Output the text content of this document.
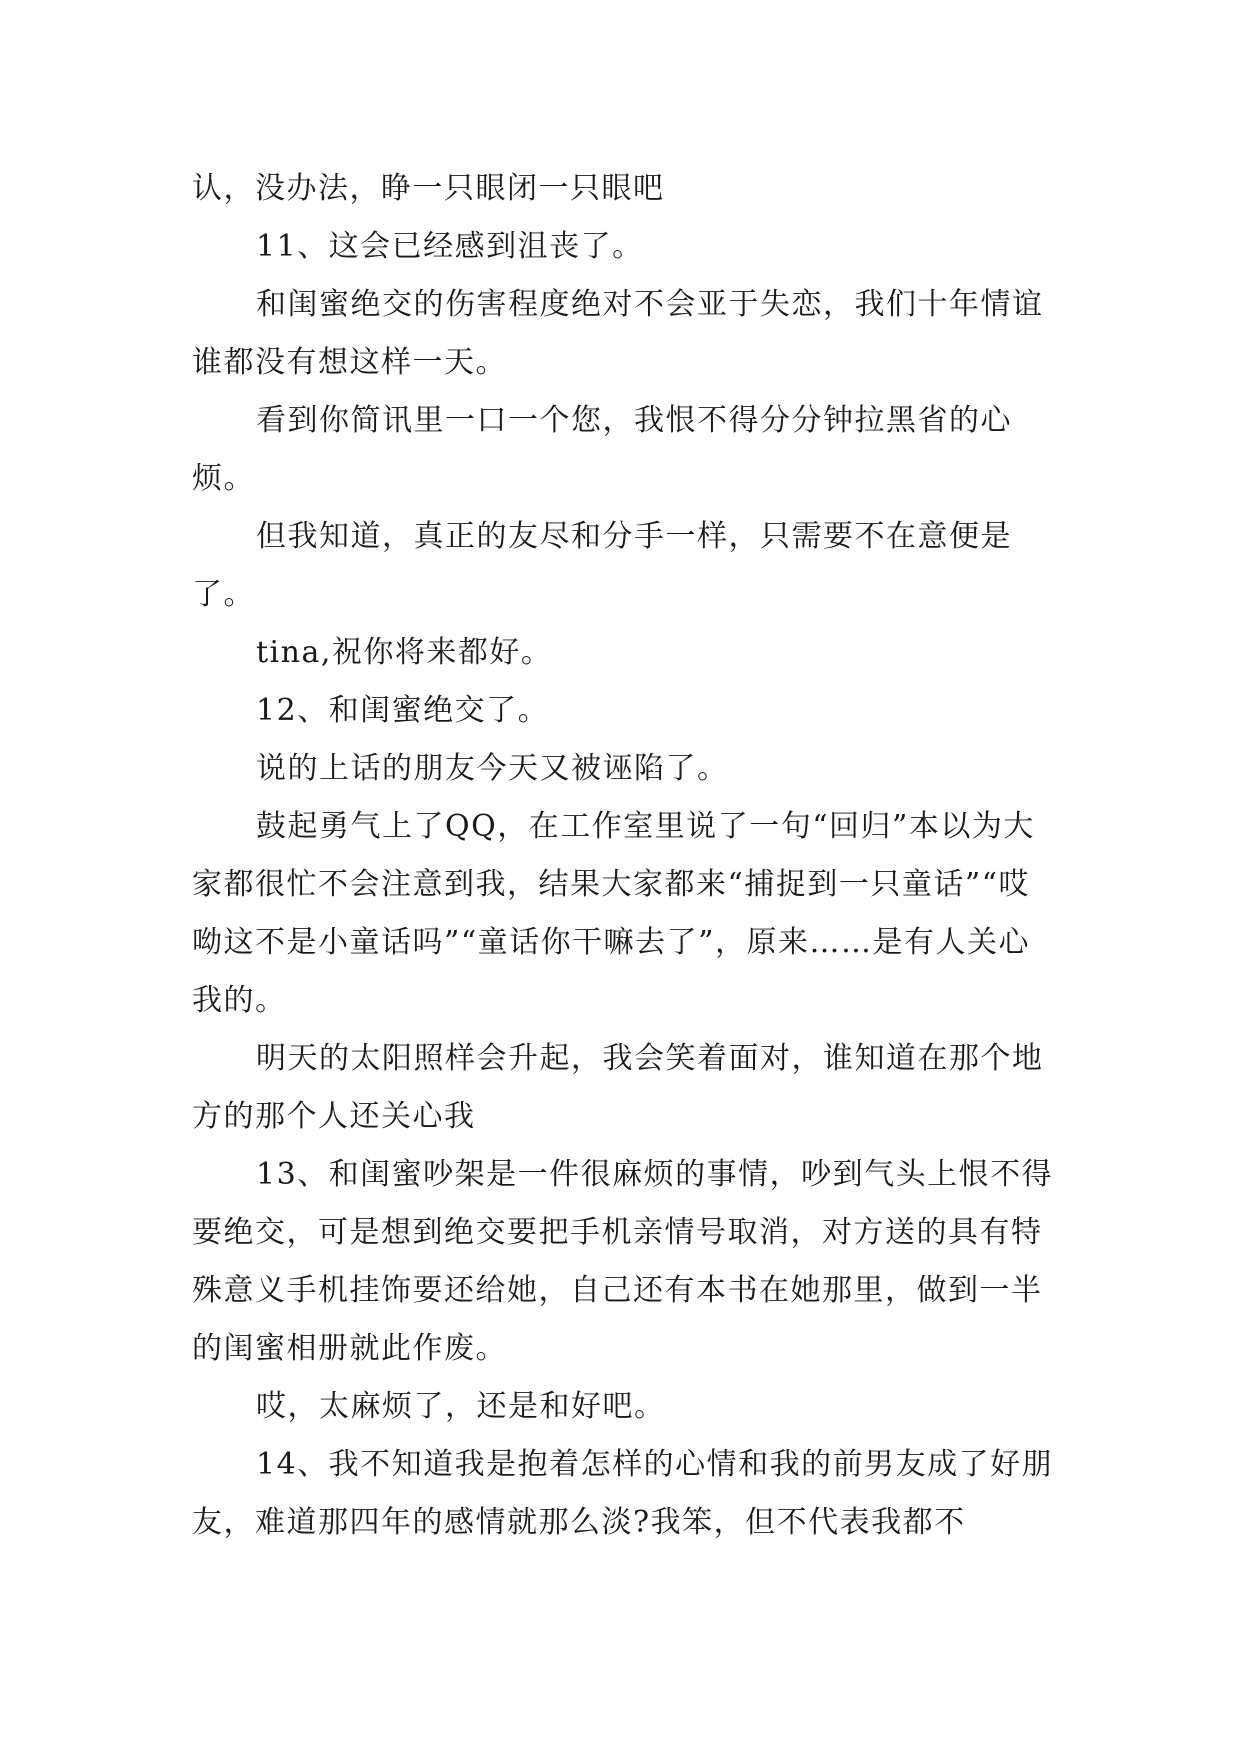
认，没办法，睁一只眼闭一只眼吧

11、这会已经感到沮丧了。

和闺蜜绝交的伤害程度绝对不会亚于失恋，我们十年情谊谁都没有想这样一天。

看到你简讯里一口一个您，我恨不得分分钟拉黑省的心烦。

但我知道，真正的友尽和分手一样，只需要不在意便是了。

tina,祝你将来都好。

12、和闺蜜绝交了。

说的上话的朋友今天又被诬陷了。

鼓起勇气上了QQ，在工作室里说了一句“回归”本以为大家都很忙不会注意到我，结果大家都来“捕捉到一只童话”“哎呦这不是小童话吗”“童话你干嘛去了”，原来……是有人关心我的。

明天的太阳照样会升起，我会笑着面对，谁知道在那个地方的那个人还关心我

13、和闺蜜吵架是一件很麻烦的事情，吵到气头上恨不得要绝交，可是想到绝交要把手机亲情号取消，对方送的具有特殊意义手机挂饰要还给她，自己还有本书在她那里，做到一半的闺蜜相册就此作废。

哎，太麻烦了，还是和好吧。

14、我不知道我是抱着怎样的心情和我的前男友成了好朋友，难道那四年的感情就那么淡?我笨，但不代表我都不
